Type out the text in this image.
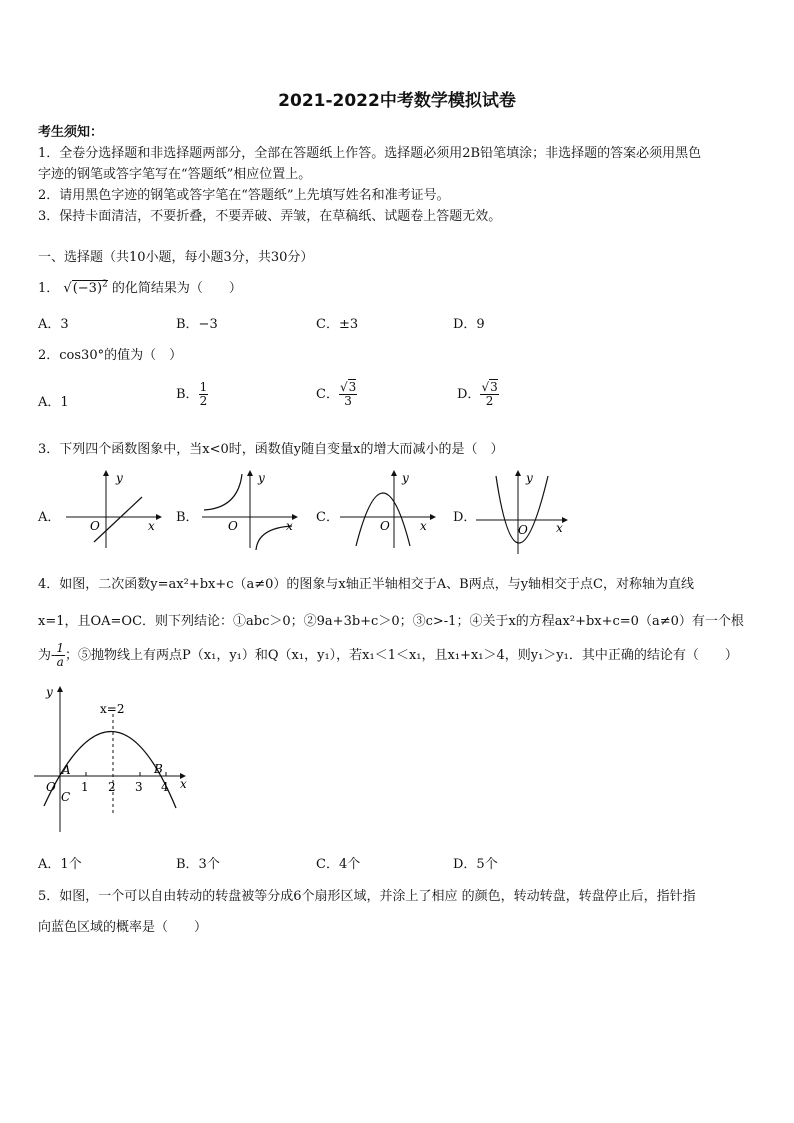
2021-2022中考数学模拟试卷
考生须知：
1．全卷分选择题和非选择题两部分，全部在答题纸上作答。选择题必须用2B铅笔填涂；非选择题的答案必须用黑色
字迹的钢笔或答字笔写在“答题纸”相应位置上。
2．请用黑色字迹的钢笔或答字笔在“答题纸”上先填写姓名和准考证号。
3．保持卡面清洁，不要折叠，不要弄破、弄皱，在草稿纸、试题卷上答题无效。
一、选择题（共10小题，每小题3分，共30分）
1． $√(-3)^2$ 的化简结果为（　　）
A．3	B．−3	C．±3	D．9
2．cos30°的值为（　）
A．1
B． $\frac{1}{2}$	C． $\frac{√3}{3}$	D． $\frac{√3}{2}$
3．下列四个函数图象中，当x<0时，函数值y随自变量x的增大而减小的是（　）
A．
y
x
O
B．
y
x
O
C．
y
x
O
D．
y
x
O
4．如图，二次函数y=ax²+bx+c（a≠0）的图象与x轴正半轴相交于A、B两点，与y轴相交于点C，对称轴为直线
x=1，且OA=OC．则下列结论：①abc＞0；②9a+3b+c＞0；③c>-1；④关于x的方程ax²+bx+c=0（a≠0）有一个根
为- $\frac{1}{a}$ ；⑤抛物线上有两点P（x₁，y₁）和Q（x₁，y₁），若x₁＜1＜x₁，且x₁+x₁＞4，则y₁＞y₁．其中正确的结论有（　　）
y
x
O
A	B
C
x=2
1 2 3 4
A．1个	B．3个	C．4个	D．5个
5．如图，一个可以自由转动的转盘被等分成6个扇形区域，并涂上了相应 的颜色，转动转盘，转盘停止后，指针指
向蓝色区域的概率是（　　）
